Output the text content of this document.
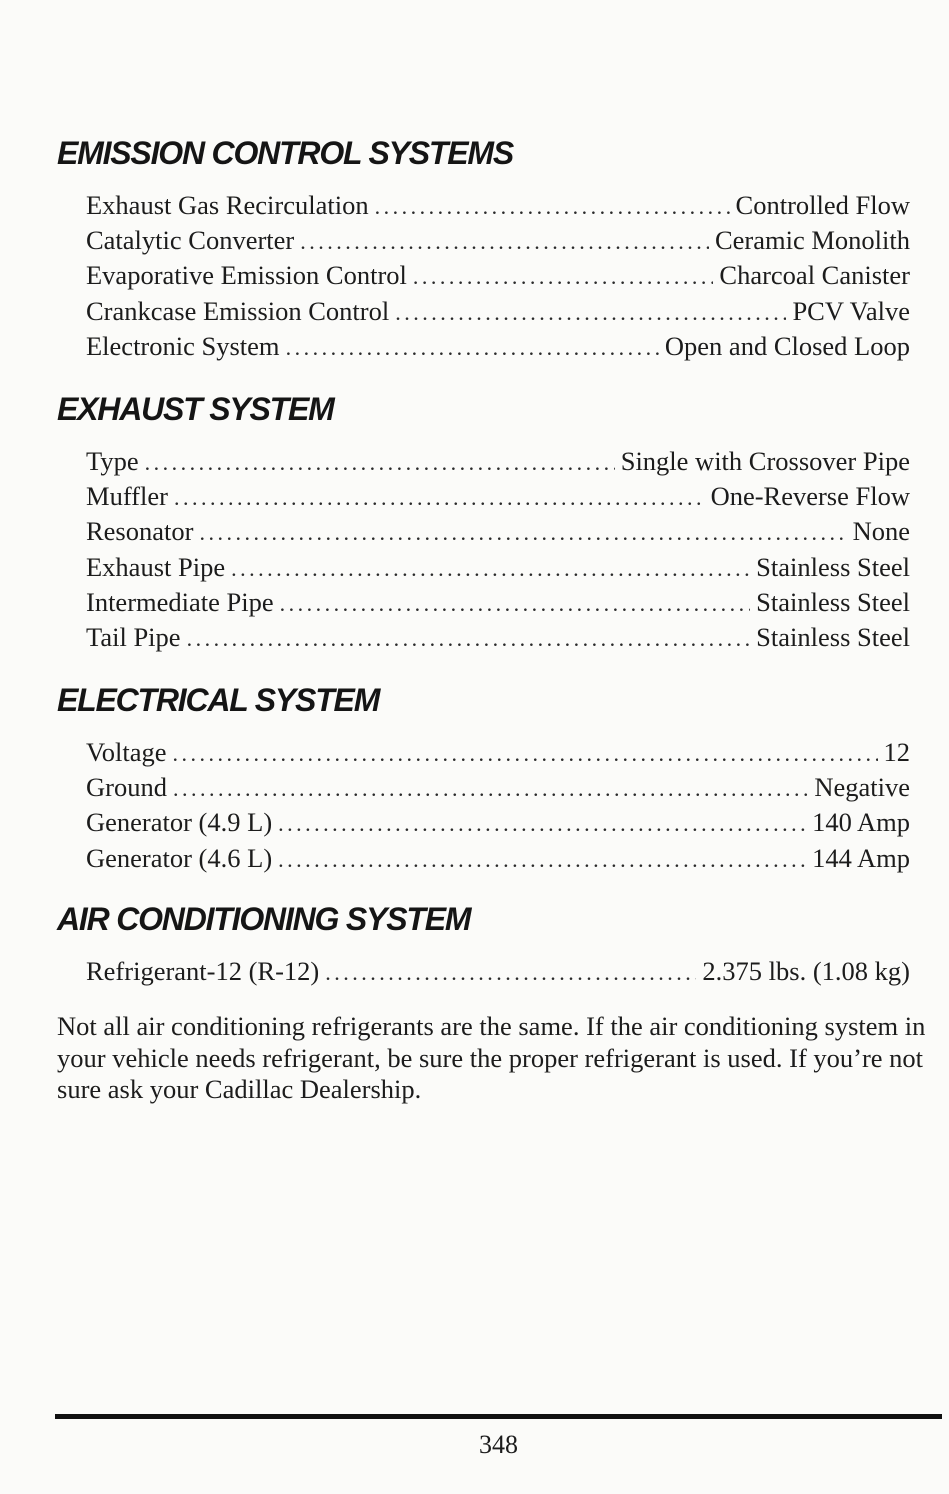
EMISSION CONTROL SYSTEMS
Exhaust Gas Recirculation . . .	Controlled Flow
Catalytic Converter . . .	Ceramic Monolith
Evaporative Emission Control . . .	Charcoal Canister
Crankcase Emission Control . . .	PCV Valve
Electronic System . . .	Open and Closed Loop
EXHAUST SYSTEM
Type . . .	Single with Crossover Pipe
Muffler . . .	One-Reverse Flow
Resonator . . .	None
Exhaust Pipe . . .	Stainless Steel
Intermediate Pipe . . .	Stainless Steel
Tail Pipe . . .	Stainless Steel
ELECTRICAL SYSTEM
Voltage . . .	12
Ground . . .	Negative
Generator (4.9 L) . . .	140 Amp
Generator (4.6 L) . . .	144 Amp
AIR CONDITIONING SYSTEM
Refrigerant-12 (R-12) . . .	2.375 lbs. (1.08 kg)

Not all air conditioning refrigerants are the same. If the air conditioning system in your vehicle needs refrigerant, be sure the proper refrigerant is used. If you’re not sure ask your Cadillac Dealership.

348
